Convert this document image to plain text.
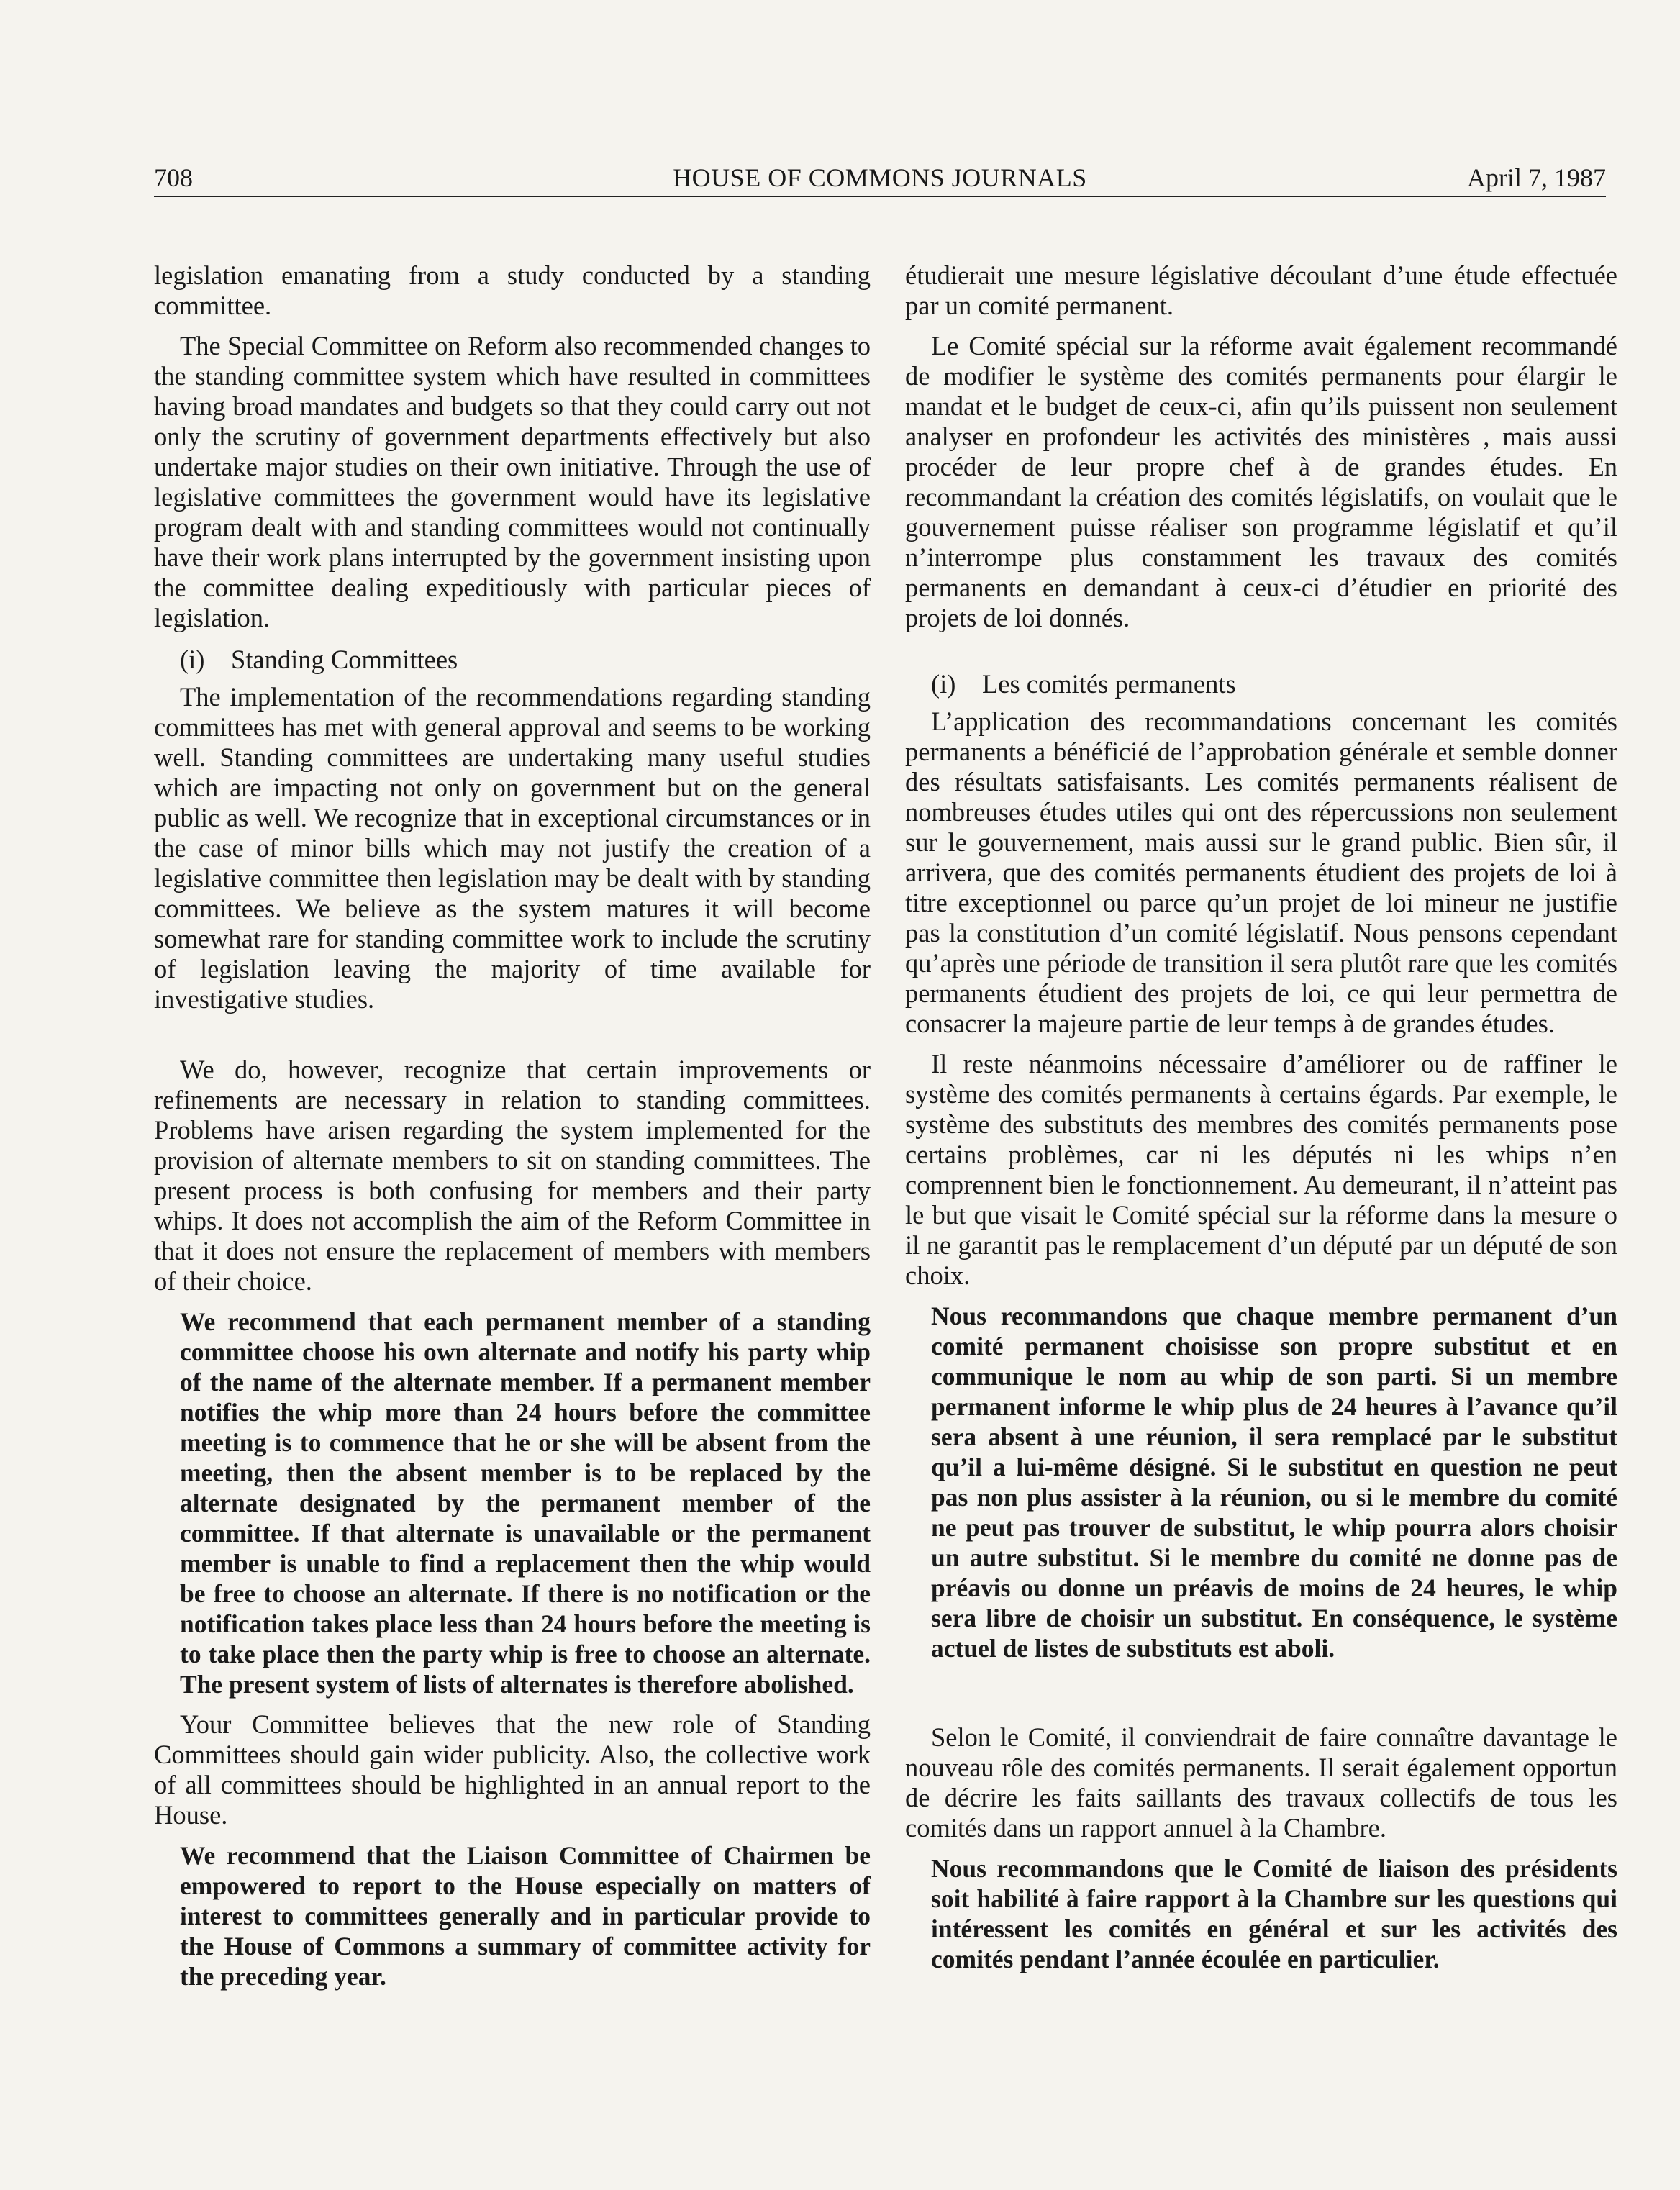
708	HOUSE OF COMMONS JOURNALS	April 7, 1987

legislation emanating from a study conducted by a standing committee.

The Special Committee on Reform also recommended changes to the standing committee system which have resulted in committees having broad mandates and budgets so that they could carry out not only the scrutiny of government departments effectively but also undertake major studies on their own initiative. Through the use of legislative committees the government would have its legislative program dealt with and standing committees would not continually have their work plans interrupted by the government insisting upon the committee dealing expeditiously with particular pieces of legislation.

(i) Standing Committees

The implementation of the recommendations regarding standing committees has met with general approval and seems to be working well. Standing committees are undertaking many useful studies which are impacting not only on government but on the general public as well. We recognize that in exceptional circumstances or in the case of minor bills which may not justify the creation of a legislative committee then legislation may be dealt with by standing committees. We believe as the system matures it will become somewhat rare for standing committee work to include the scrutiny of legislation leaving the majority of time available for investigative studies.

We do, however, recognize that certain improvements or refinements are necessary in relation to standing committees. Problems have arisen regarding the system implemented for the provision of alternate members to sit on standing committees. The present process is both confusing for members and their party whips. It does not accomplish the aim of the Reform Committee in that it does not ensure the replacement of members with members of their choice.

We recommend that each permanent member of a standing committee choose his own alternate and notify his party whip of the name of the alternate member. If a permanent member notifies the whip more than 24 hours before the committee meeting is to commence that he or she will be absent from the meeting, then the absent member is to be replaced by the alternate designated by the permanent member of the committee. If that alternate is unavailable or the permanent member is unable to find a replacement then the whip would be free to choose an alternate. If there is no notification or the notification takes place less than 24 hours before the meeting is to take place then the party whip is free to choose an alternate. The present system of lists of alternates is therefore abolished.

Your Committee believes that the new role of Standing Committees should gain wider publicity. Also, the collective work of all committees should be highlighted in an annual report to the House.

We recommend that the Liaison Committee of Chairmen be empowered to report to the House especially on matters of interest to committees generally and in particular provide to the House of Commons a summary of committee activity for the preceding year.

étudierait une mesure législative découlant d’une étude effectuée par un comité permanent.

Le Comité spécial sur la réforme avait également recommandé de modifier le système des comités permanents pour élargir le mandat et le budget de ceux-ci, afin qu’ils puissent non seulement analyser en profondeur les activités des ministères , mais aussi procéder de leur propre chef à de grandes études. En recommandant la création des comités législatifs, on voulait que le gouvernement puisse réaliser son programme législatif et qu’il n’interrompe plus constamment les travaux des comités permanents en demandant à ceux-ci d’étudier en priorité des projets de loi donnés.

(i) Les comités permanents

L’application des recommandations concernant les comités permanents a bénéficié de l’approbation générale et semble donner des résultats satisfaisants. Les comités permanents réalisent de nombreuses études utiles qui ont des répercussions non seulement sur le gouvernement, mais aussi sur le grand public. Bien sûr, il arrivera, que des comités permanents étudient des projets de loi à titre exceptionnel ou parce qu’un projet de loi mineur ne justifie pas la constitution d’un comité législatif. Nous pensons cependant qu’après une période de transition il sera plutôt rare que les comités permanents étudient des projets de loi, ce qui leur permettra de consacrer la majeure partie de leur temps à de grandes études.

Il reste néanmoins nécessaire d’améliorer ou de raffiner le système des comités permanents à certains égards. Par exemple, le système des substituts des membres des comités permanents pose certains problèmes, car ni les députés ni les whips n’en comprennent bien le fonctionnement. Au demeurant, il n’atteint pas le but que visait le Comité spécial sur la réforme dans la mesure o il ne garantit pas le remplacement d’un député par un député de son choix.

Nous recommandons que chaque membre permanent d’un comité permanent choisisse son propre substitut et en communique le nom au whip de son parti. Si un membre permanent informe le whip plus de 24 heures à l’avance qu’il sera absent à une réunion, il sera remplacé par le substitut qu’il a lui-même désigné. Si le substitut en question ne peut pas non plus assister à la réunion, ou si le membre du comité ne peut pas trouver de substitut, le whip pourra alors choisir un autre substitut. Si le membre du comité ne donne pas de préavis ou donne un préavis de moins de 24 heures, le whip sera libre de choisir un substitut. En conséquence, le système actuel de listes de substituts est aboli.

Selon le Comité, il conviendrait de faire connaître davantage le nouveau rôle des comités permanents. Il serait également opportun de décrire les faits saillants des travaux collectifs de tous les comités dans un rapport annuel à la Chambre.

Nous recommandons que le Comité de liaison des présidents soit habilité à faire rapport à la Chambre sur les questions qui intéressent les comités en général et sur les activités des comités pendant l’année écoulée en particulier.
